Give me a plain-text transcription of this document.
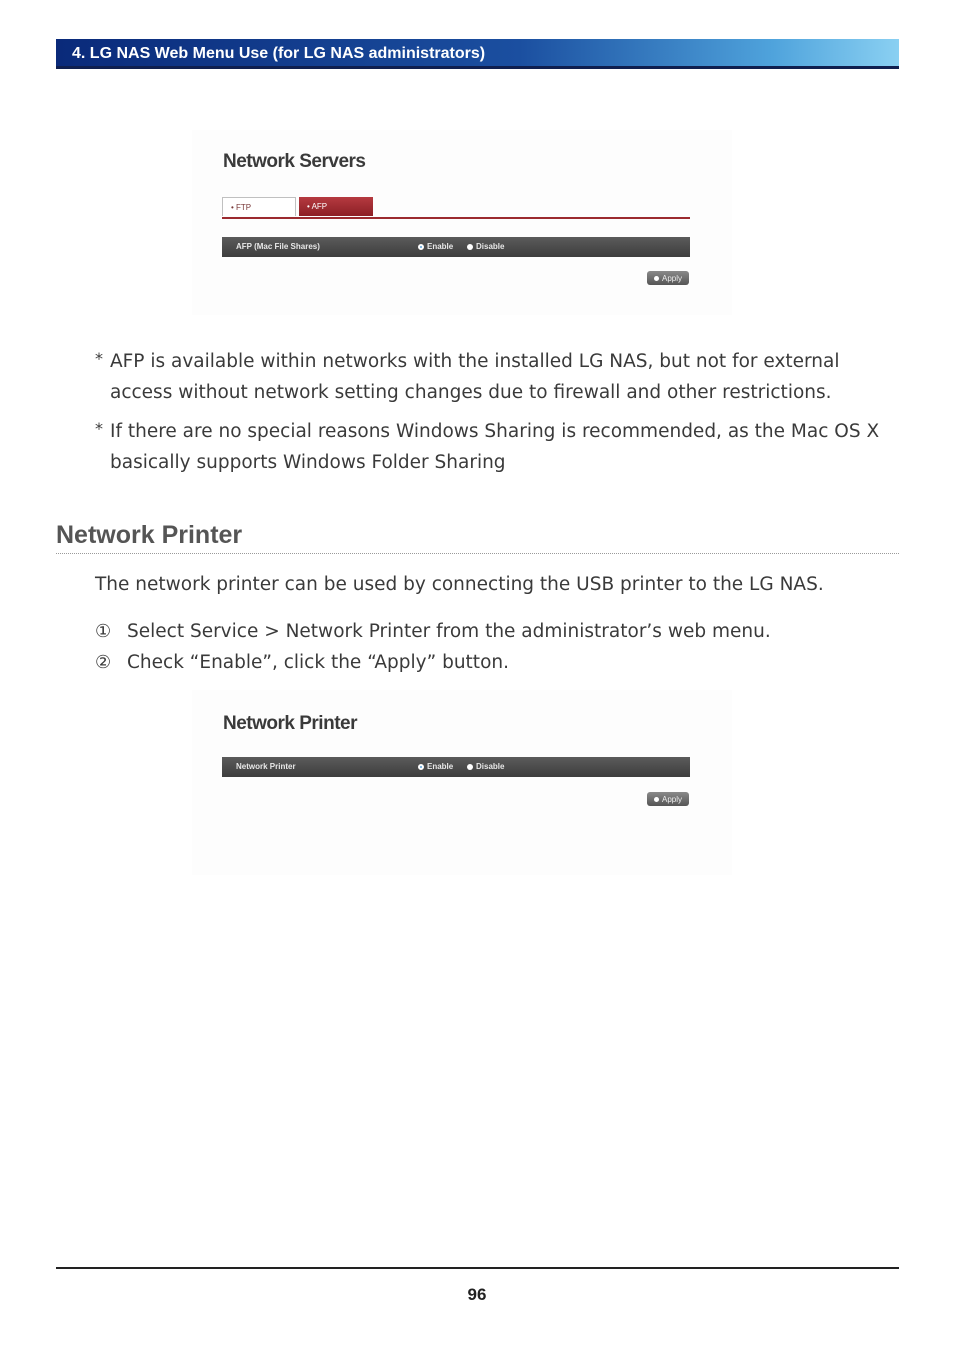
4. LG NAS Web Menu Use (for LG NAS administrators)
Network Servers
• FTP	• AFP
AFP (Mac File Shares)	Enable	Disable
Apply
* AFP is available within networks with the installed LG NAS, but not for external access without network setting changes due to firewall and other restrictions.
* If there are no special reasons Windows Sharing is recommended, as the Mac OS X basically supports Windows Folder Sharing
Network Printer
The network printer can be used by connecting the USB printer to the LG NAS.
① Select Service > Network Printer from the administrator’s web menu.
② Check “Enable”, click the “Apply” button.
Network Printer
Network Printer	Enable	Disable
Apply
96
